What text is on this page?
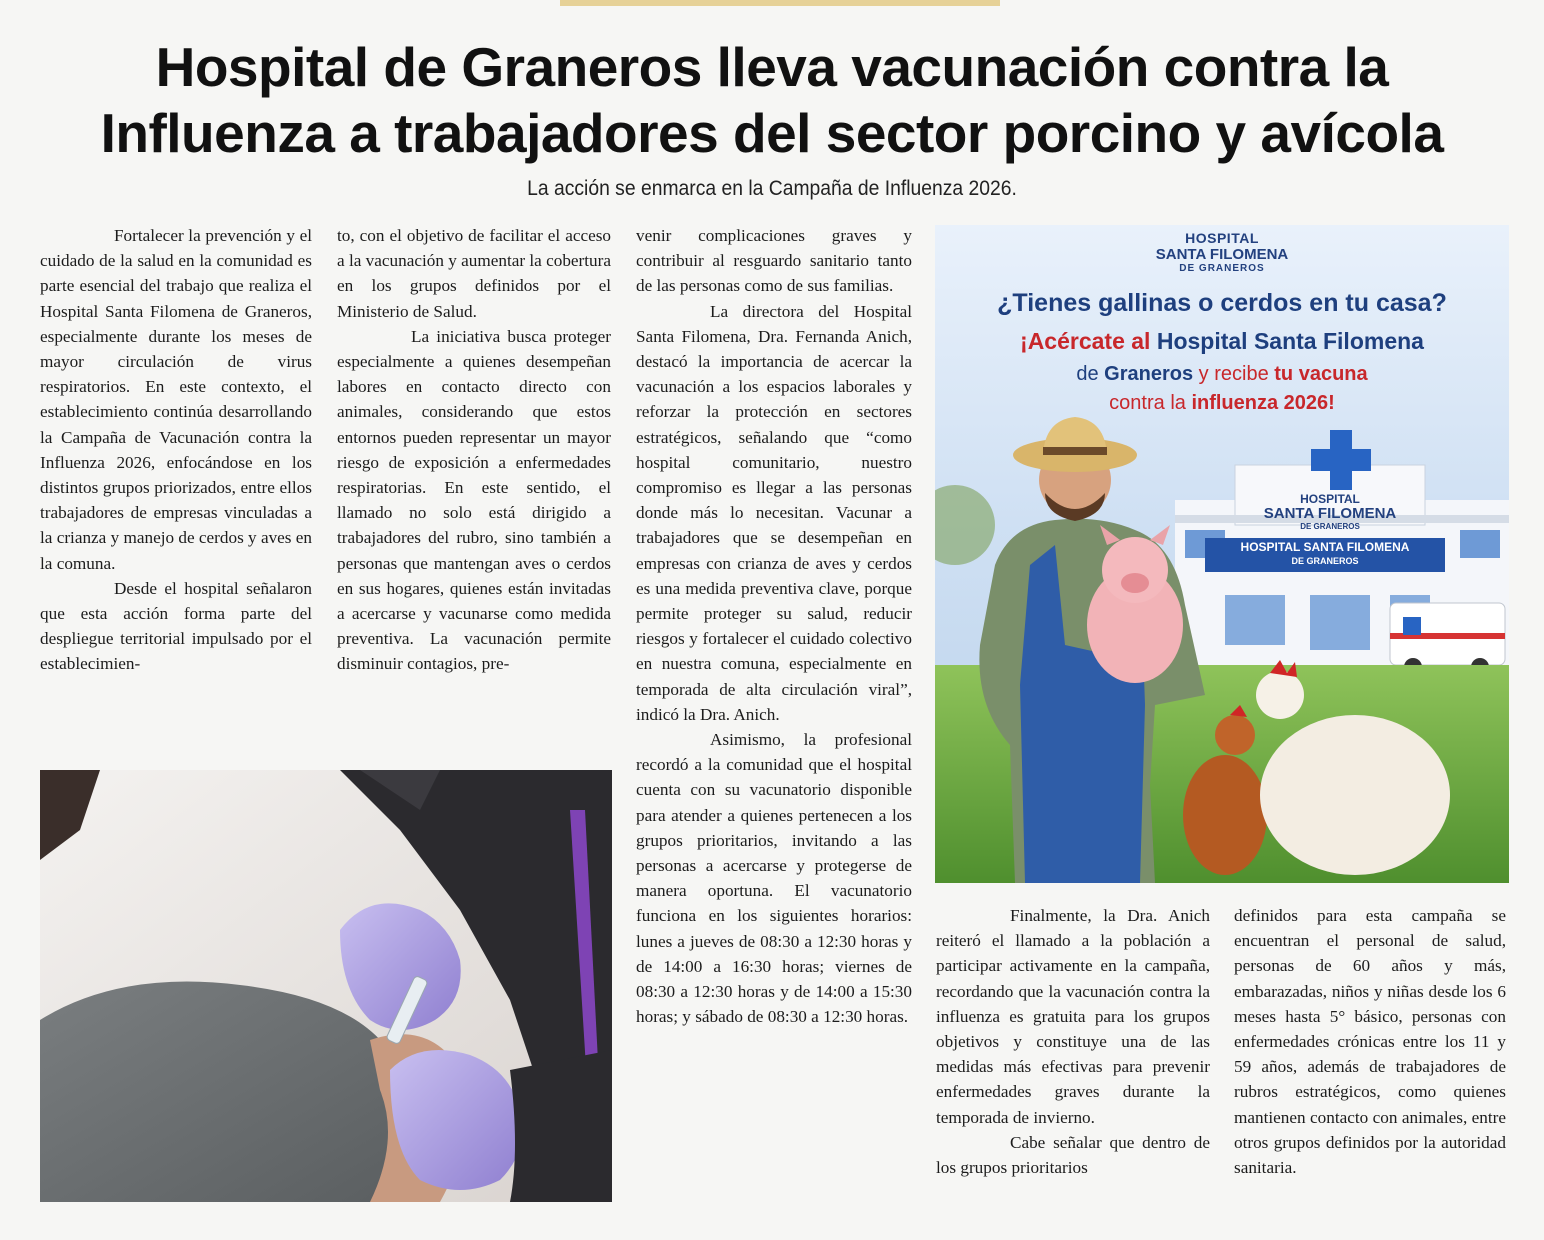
Hospital de Graneros lleva vacunación contra la
Influenza a trabajadores del sector porcino y avícola

La acción se enmarca en la Campaña de Influenza 2026.

Fortalecer la prevención y el cuidado de la salud en la comunidad es parte esencial del trabajo que realiza el Hospital Santa Filomena de Graneros, especialmente durante los meses de mayor circulación de virus respiratorios. En este contexto, el establecimiento continúa desarrollando la Campaña de Vacunación contra la Influenza 2026, enfocándose en los distintos grupos priorizados, entre ellos trabajadores de empresas vinculadas a la crianza y manejo de cerdos y aves en la comuna.

Desde el hospital señalaron que esta acción forma parte del despliegue territorial impulsado por el establecimien-

to, con el objetivo de facilitar el acceso a la vacunación y aumentar la cobertura en los grupos definidos por el Ministerio de Salud.

La iniciativa busca proteger especialmente a quienes desempeñan labores en contacto directo con animales, considerando que estos entornos pueden representar un mayor riesgo de exposición a enfermedades respiratorias. En este sentido, el llamado no solo está dirigido a trabajadores del rubro, sino también a personas que mantengan aves o cerdos en sus hogares, quienes están invitadas a acercarse y vacunarse como medida preventiva. La vacunación permite disminuir contagios, pre-

venir complicaciones graves y contribuir al resguardo sanitario tanto de las personas como de sus familias.

La directora del Hospital Santa Filomena, Dra. Fernanda Anich, destacó la importancia de acercar la vacunación a los espacios laborales y reforzar la protección en sectores estratégicos, señalando que “como hospital comunitario, nuestro compromiso es llegar a las personas donde más lo necesitan. Vacunar a trabajadores que se desempeñan en empresas con crianza de aves y cerdos es una medida preventiva clave, porque permite proteger su salud, reducir riesgos y fortalecer el cuidado colectivo en nuestra comuna, especialmente en temporada de alta circulación viral”, indicó la Dra. Anich.

Asimismo, la profesional recordó a la comunidad que el hospital cuenta con su vacunatorio disponible para atender a quienes pertenecen a los grupos prioritarios, invitando a las personas a acercarse y protegerse de manera oportuna. El vacunatorio funciona en los siguientes horarios: lunes a jueves de 08:30 a 12:30 horas y de 14:00 a 16:30 horas; viernes de 08:30 a 12:30 horas y de 14:00 a 15:30 horas; y sábado de 08:30 a 12:30 horas.

Finalmente, la Dra. Anich reiteró el llamado a la población a participar activamente en la campaña, recordando que la vacunación contra la influenza es gratuita para los grupos objetivos y constituye una de las medidas más efectivas para prevenir enfermedades graves durante la temporada de invierno.

Cabe señalar que dentro de los grupos prioritarios

definidos para esta campaña se encuentran el personal de salud, personas de 60 años y más, embarazadas, niños y niñas desde los 6 meses hasta 5° básico, personas con enfermedades crónicas entre los 11 y 59 años, además de trabajadores de rubros estratégicos, como quienes mantienen contacto con animales, entre otros grupos definidos por la autoridad sanitaria.

HOSPITAL

SANTA FILOMENA

DE GRANEROS

¿Tienes gallinas o cerdos en tu casa?

¡Acércate al Hospital Santa Filomena

de Graneros y recibe tu vacuna

contra la influenza 2026!

HOSPITAL
SANTA FILOMENA
DE GRANEROS
HOSPITAL SANTA FILOMENA
DE GRANEROS
